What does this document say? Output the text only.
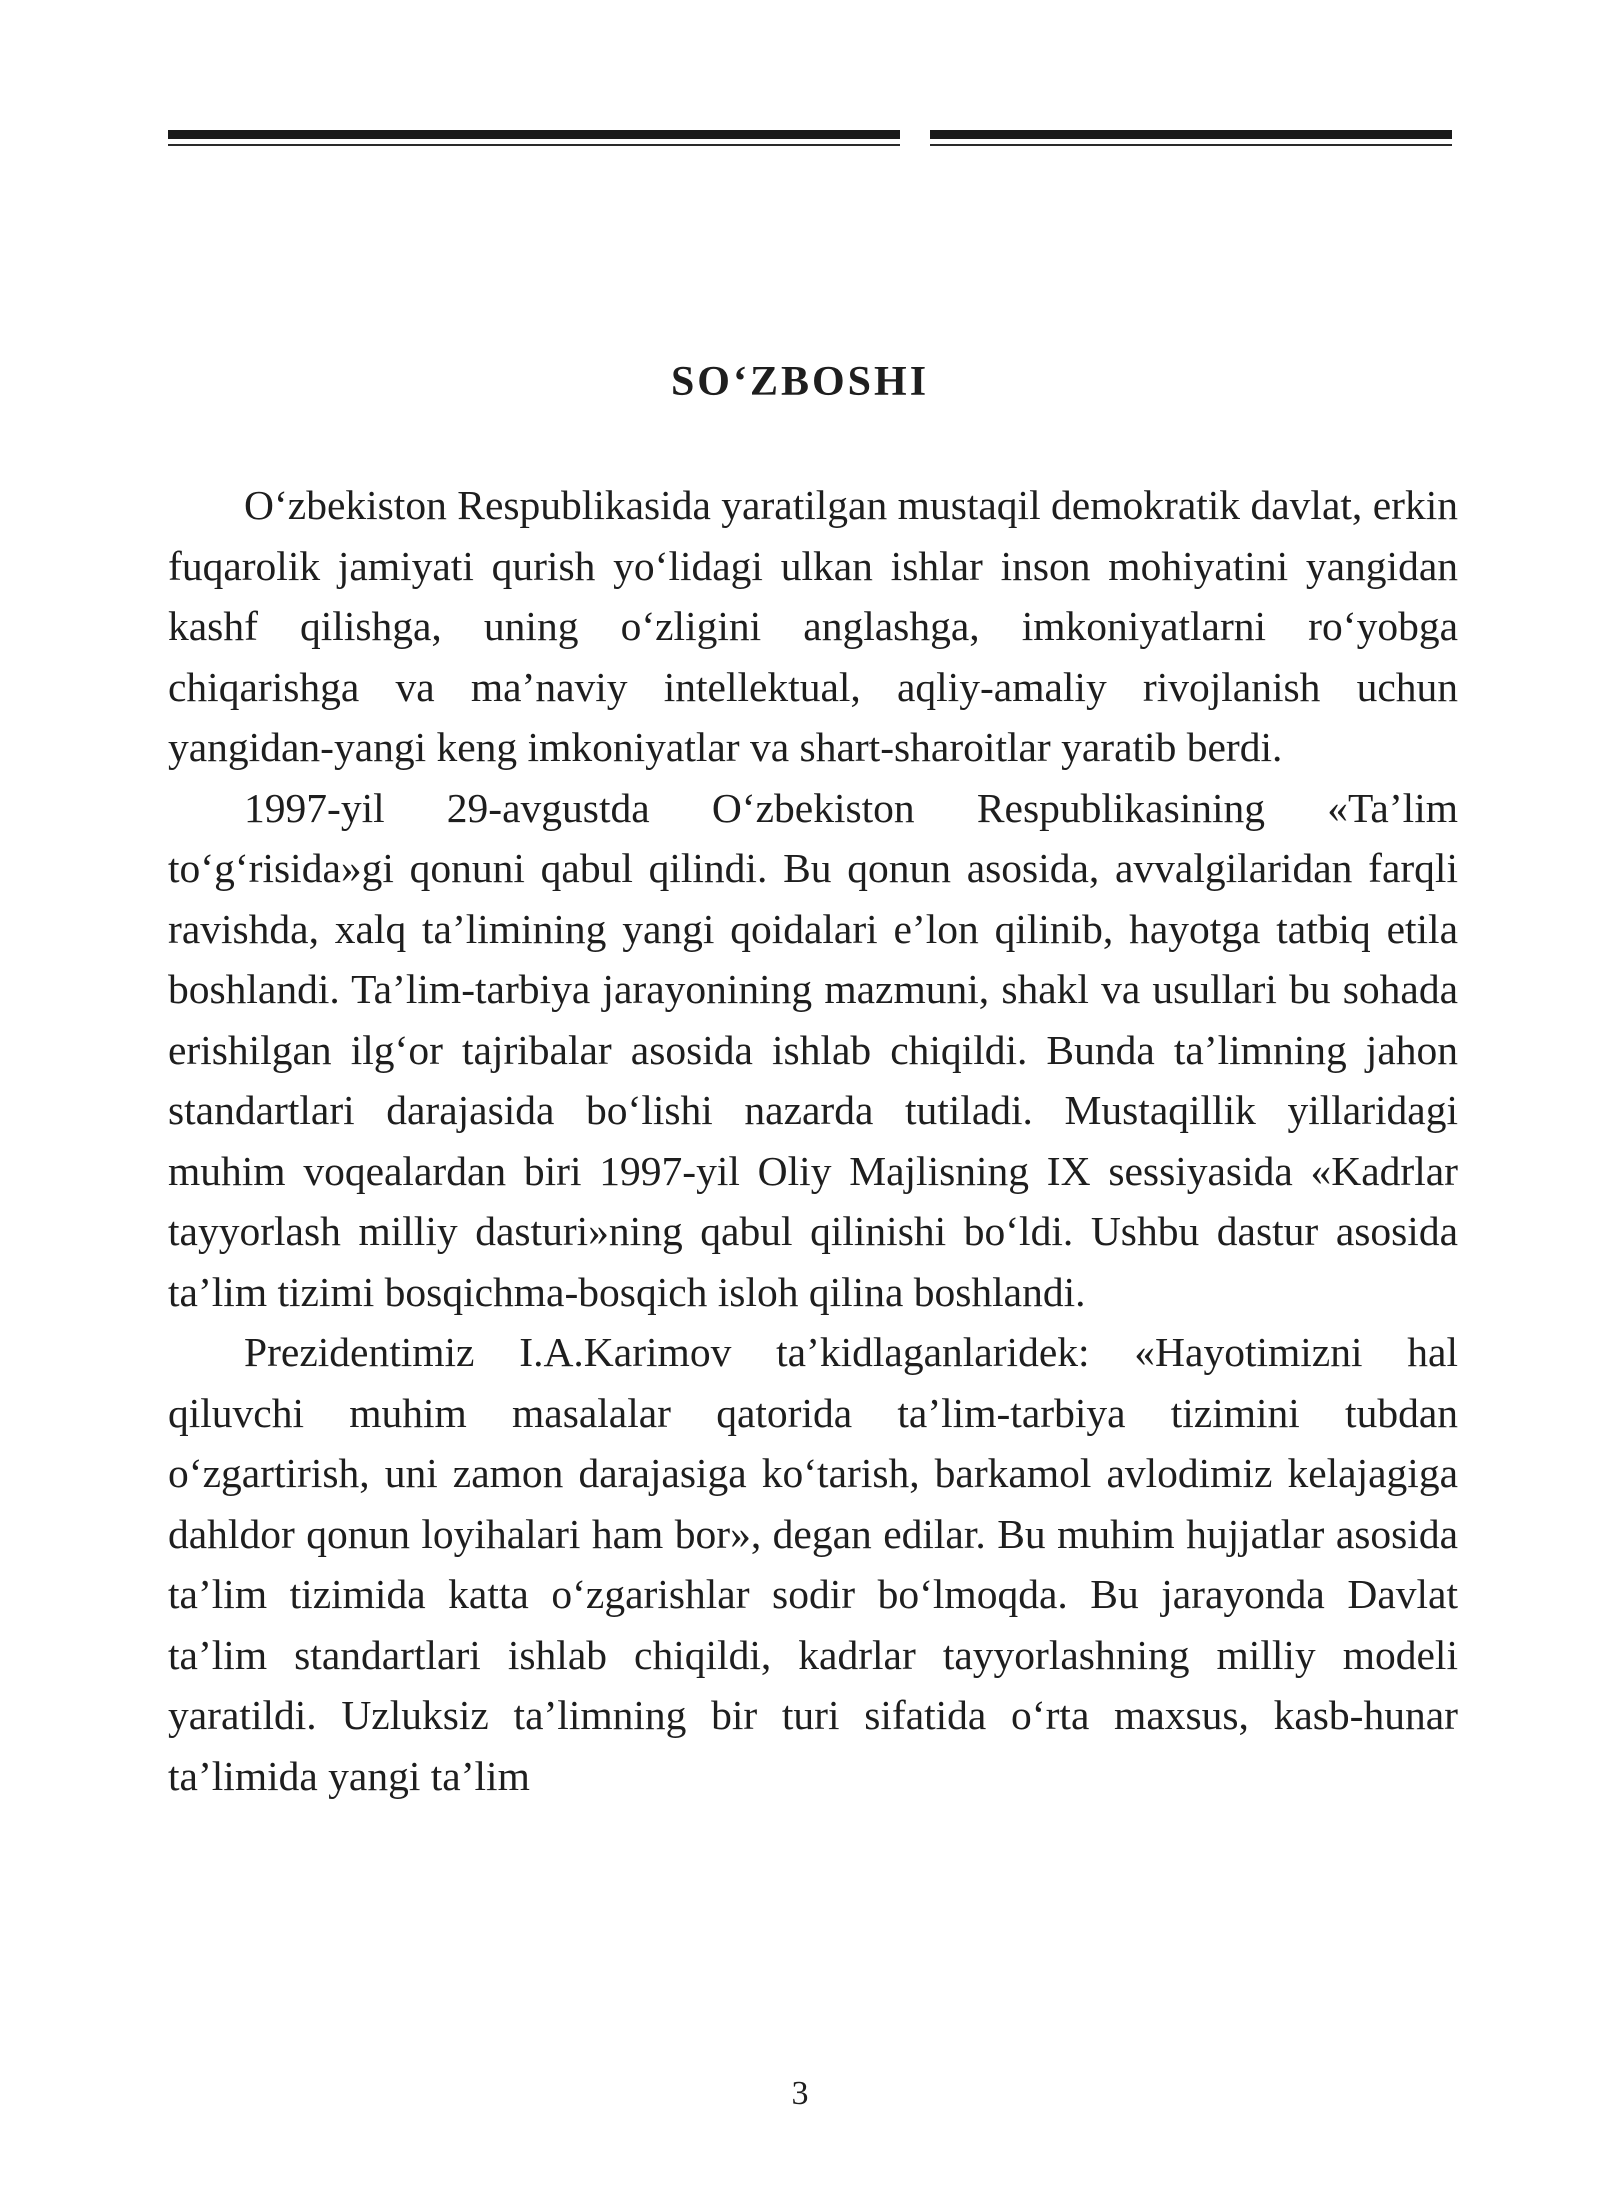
SO‘ZBOSHI

O‘zbekiston Respublikasida yaratilgan mustaqil demokratik davlat, erkin fuqarolik jamiyati qurish yo‘lidagi ulkan ishlar inson mohiyatini yangidan kashf qilishga, uning o‘zligini anglashga, imkoniyatlarni ro‘yobga chiqarishga va ma’naviy intellektual, aqliy-amaliy rivojlanish uchun yangidan-yangi keng imkoniyatlar va shart-sharoitlar yaratib berdi.

1997-yil 29-avgustda O‘zbekiston Respublikasining «Ta’lim to‘g‘risida»gi qonuni qabul qilindi. Bu qonun asosida, avvalgilaridan farqli ravishda, xalq ta’limining yangi qoidalari e’lon qilinib, hayotga tatbiq etila boshlandi. Ta’lim-tarbiya jarayonining mazmuni, shakl va usullari bu sohada erishilgan ilg‘or tajribalar asosida ishlab chiqildi. Bunda ta’limning jahon standartlari darajasida bo‘lishi nazarda tutiladi. Mustaqillik yillaridagi muhim voqealardan biri 1997-yil Oliy Majlisning IX sessiyasida «Kadrlar tayyorlash milliy dasturi»ning qabul qilinishi bo‘ldi. Ushbu dastur asosida ta’lim tizimi bosqichma-bosqich isloh qilina boshlandi.

Prezidentimiz I.A.Karimov ta’kidlaganlaridek: «Hayotimizni hal qiluvchi muhim masalalar qatorida ta’lim-tarbiya tizimini tubdan o‘zgartirish, uni zamon darajasiga ko‘tarish, barkamol avlodimiz kelajagiga dahldor qonun loyihalari ham bor», degan edilar. Bu muhim hujjatlar asosida ta’lim tizimida katta o‘zgarishlar sodir bo‘lmoqda. Bu jarayonda Davlat ta’lim standartlari ishlab chiqildi, kadrlar tayyorlashning milliy modeli yaratildi. Uzluksiz ta’limning bir turi sifatida o‘rta maxsus, kasb-hunar ta’limida yangi ta’lim

3
